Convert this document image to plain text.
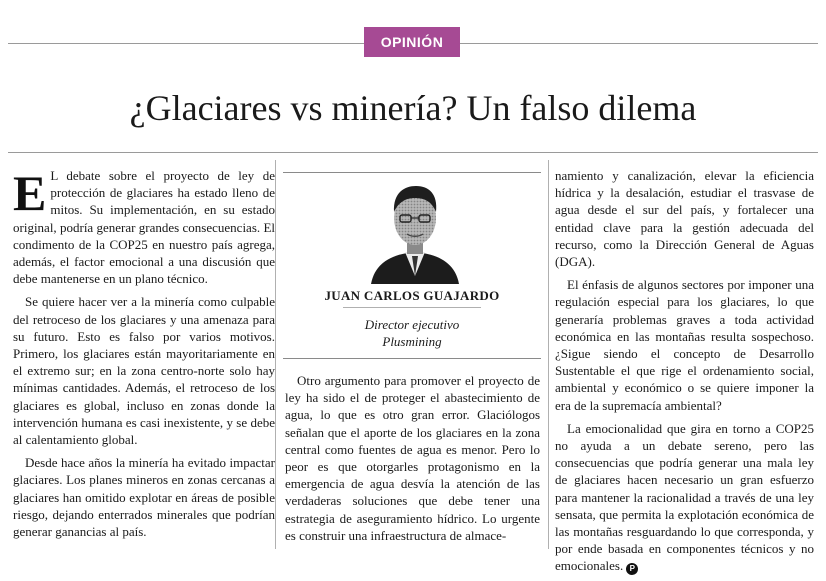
OPINIÓN
¿Glaciares vs minería? Un falso dilema

E L debate sobre el proyecto de ley de protección de glaciares ha estado lleno de mitos. Su implementación, en su estado original, podría generar grandes consecuencias. El condimento de la COP25 en nuestro país agrega, además, el factor emocional a una discusión que debe mantenerse en un plano técnico.

Se quiere hacer ver a la minería como culpable del retroceso de los glaciares y una amenaza para su futuro. Esto es falso por varios motivos. Primero, los glaciares están mayoritariamente en el extremo sur; en la zona centro-norte solo hay mínimas cantidades. Además, el retroceso de los glaciares es global, incluso en zonas donde la intervención humana es casi inexistente, y se debe al calentamiento global.

Desde hace años la minería ha evitado impactar glaciares. Los planes mineros en zonas cercanas a glaciares han omitido explotar en áreas de posible riesgo, dejando enterrados minerales que podrían generar ganancias al país.

JUAN CARLOS GUAJARDO
Director ejecutivo
Plusmining

Otro argumento para promover el proyecto de ley ha sido el de proteger el abastecimiento de agua, lo que es otro gran error. Glaciólogos señalan que el aporte de los glaciares en la zona central como fuentes de agua es menor. Pero lo peor es que otorgarles protagonismo en la emergencia de agua desvía la atención de las verdaderas soluciones que debe tener una estrategia de aseguramiento hídrico. Lo urgente es construir una infraestructura de almace-

namiento y canalización, elevar la eficiencia hídrica y la desalación, estudiar el trasvase de agua desde el sur del país, y fortalecer una entidad clave para la gestión adecuada del recurso, como la Dirección General de Aguas (DGA).

El énfasis de algunos sectores por imponer una regulación especial para los glaciares, lo que generaría problemas graves a toda actividad económica en las montañas resulta sospechoso. ¿Sigue siendo el concepto de Desarrollo Sustentable el que rige el ordenamiento social, ambiental y económico o se quiere imponer la era de la supremacía ambiental?

La emocionalidad que gira en torno a COP25 no ayuda a un debate sereno, pero las consecuencias que podría generar una mala ley de glaciares hacen necesario un gran esfuerzo para mantener la racionalidad a través de una ley sensata, que permita la explotación económica de las montañas resguardando lo que corresponda, y por ende basada en componentes técnicos y no emocionales. P
